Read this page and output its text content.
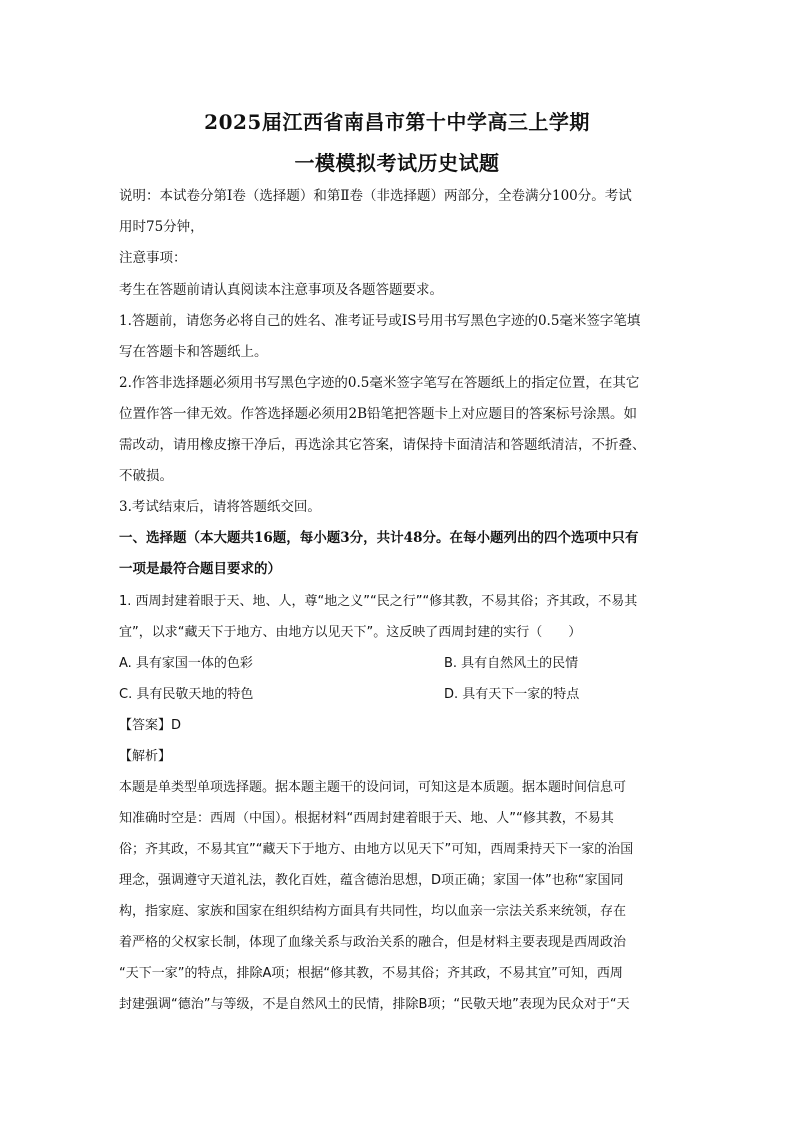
2025届江西省南昌市第十中学高三上学期
一模模拟考试历史试题
说明：本试卷分第Ⅰ卷（选择题）和第Ⅱ卷（非选择题）两部分，全卷满分100分。考试
用时75分钟，
注意事项：
考生在答题前请认真阅读本注意事项及各题答题要求。
1.答题前，请您务必将自己的姓名、准考证号或IS号用书写黑色字迹的0.5毫米签字笔填
写在答题卡和答题纸上。
2.作答非选择题必须用书写黑色字迹的0.5毫米签字笔写在答题纸上的指定位置，在其它
位置作答一律无效。作答选择题必须用2B铅笔把答题卡上对应题目的答案标号涂黑。如
需改动，请用橡皮擦干净后，再选涂其它答案，请保持卡面清洁和答题纸清洁，不折叠、
不破损。
3.考试结束后，请将答题纸交回。
一、选择题（本大题共16题，每小题3分，共计48分。在每小题列出的四个选项中只有
一项是最符合题目要求的）
1. 西周封建着眼于天、地、人，尊“地之义”“民之行”“修其教，不易其俗；齐其政，不易其
宜”，以求“藏天下于地方、由地方以见天下”。这反映了西周封建的实行（　　）
A. 具有家国一体的色彩	B. 具有自然风土的民情
C. 具有民敬天地的特色	D. 具有天下一家的特点
【答案】D
【解析】
本题是单类型单项选择题。据本题主题干的设问词，可知这是本质题。据本题时间信息可
知准确时空是：西周（中国）。根据材料“西周封建着眼于天、地、人”“修其教，不易其
俗；齐其政，不易其宜”“藏天下于地方、由地方以见天下”可知，西周秉持天下一家的治国
理念，强调遵守天道礼法，教化百姓，蕴含德治思想，D项正确；家国一体”也称“家国同
构，指家庭、家族和国家在组织结构方面具有共同性，均以血亲一宗法关系来统领，存在
着严格的父权家长制，体现了血缘关系与政治关系的融合，但是材料主要表现是西周政治
“天下一家”的特点，排除A项；根据“修其教，不易其俗；齐其政，不易其宜”可知，西周
封建强调“德治”与等级，不是自然风土的民情，排除B项；“民敬天地”表现为民众对于“天
